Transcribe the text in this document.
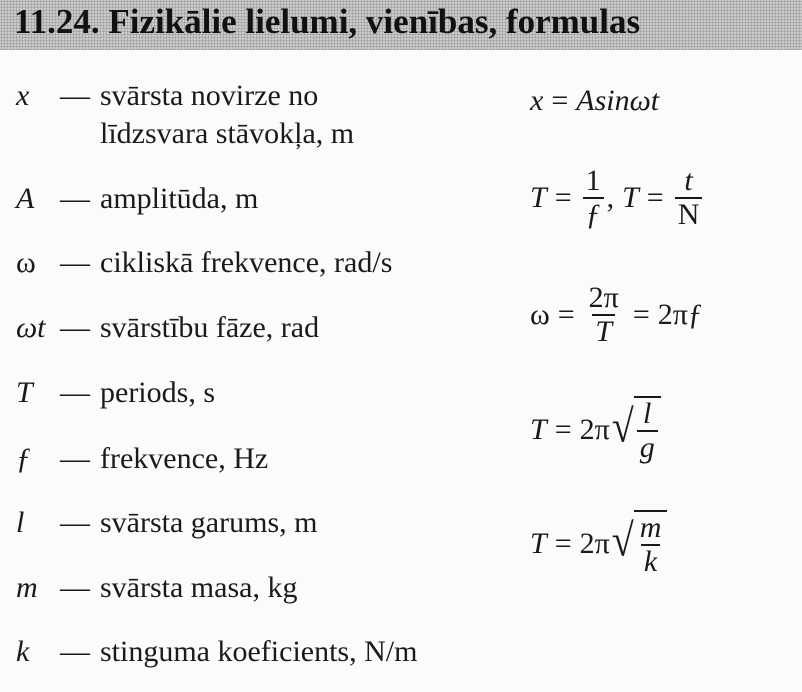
11.24. Fizikālie lielumi, vienības, formulas
x — svārsta novirze no
līdzsvara stāvokļa, m
A — amplitūda, m
ω — cikliskā frekvence, rad/s
ωt — svārstību fāze, rad
T — periods, s
ƒ — frekvence, Hz
l — svārsta garums, m
m — svārsta masa, kg
k — stinguma koeficients, N/m
x = Asinωt
$T = \frac{1}{ƒ}$ , $T = \frac{t}{N}$
$\omega = \frac{2\pi}{T}$ = 2πƒ
T = 2π √ $\frac{l}{g}$
T = 2π √ $\frac{m}{k}$
